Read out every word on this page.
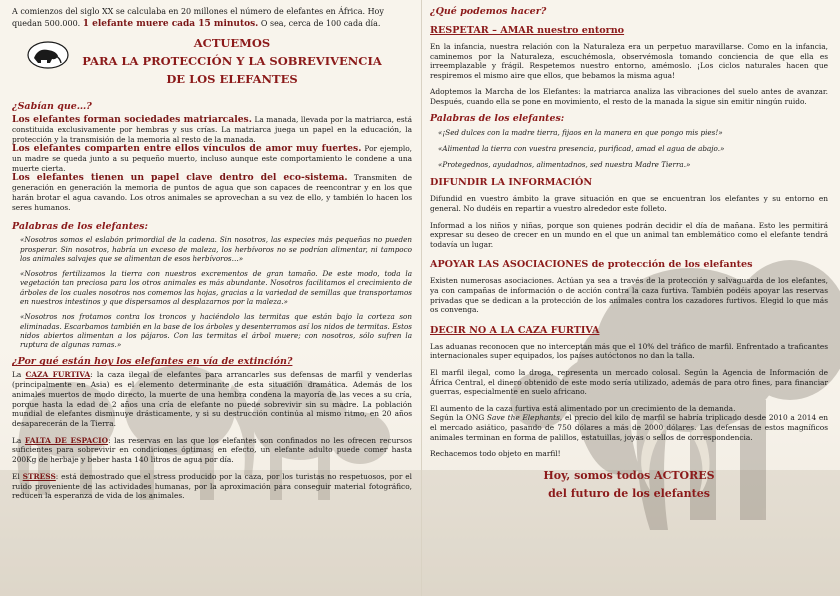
A comienzos del siglo XX se calculaba en 20 millones el número de elefantes en África. Hoy quedan 500.000. 1 elefante muere cada 15 minutos. O sea, cerca de 100 cada día.

ACTUEMOS
PARA LA PROTECCIÓN Y LA SOBREVIVENCIA
DE LOS ELEFANTES
¿Sabían que…?

Los elefantes forman sociedades matriarcales. La manada, llevada por la matriarca, está constituida exclusivamente por hembras y sus crías. La matriarca juega un papel en la educación, la protección y la transmisión de la memoria al resto de la manada.

Los elefantes comparten entre ellos vínculos de amor muy fuertes. Por ejemplo, un madre se queda junto a su pequeño muerto, incluso aunque este comportamiento le condene a una muerte cierta.

Los elefantes tienen un papel clave dentro del eco-sistema. Transmiten de generación en generación la memoria de puntos de agua que son capaces de reencontrar y en los que harán brotar el agua cavando. Los otros animales se aprovechan a su vez de ello, y también lo hacen los seres humanos.

Palabras de los elefantes:

«Nosotros somos el eslabón primordial de la cadena. Sin nosotros, las especies más pequeñas no pueden prosperar. Sin nosotros, habría un exceso de maleza, los herbívoros no se podrían alimentar, ni tampoco los animales salvajes que se alimentan de esos herbívoros…»

«Nosotros fertilizamos la tierra con nuestros excrementos de gran tamaño. De este modo, toda la vegetación tan preciosa para los otros animales es más abundante. Nosotros facilitamos el crecimiento de árboles de los cuales nosotros nos comemos las hojas, gracias a la variedad de semillas que transportamos en nuestros intestinos y que dispersamos al desplazarnos por la maleza.»

«Nosotros nos frotamos contra los troncos y haciéndolo las termitas que están bajo la corteza son eliminadas. Escarbamos también en la base de los árboles y desenterramos así los nidos de termitas. Estos nidos abiertos alimentan a los pájaros. Con las termitas el árbol muere; con nosotros, sólo sufren la ruptura de algunas ramas.»

¿Por qué están hoy los elefantes en vía de extinción?

La CAZA FURTIVA: la caza ilegal de elefantes para arrancarles sus defensas de marfil y venderlas (principalmente en Asia) es el elemento determinante de esta situación dramática. Además de los animales muertos de modo directo, la muerte de una hembra condena la mayoría de las veces a su cría, porque hasta la edad de 2 años una cría de elefante no puede sobrevivir sin su madre. La población mundial de elefantes disminuye drásticamente, y si su destrucción continúa al mismo ritmo, en 20 años desaparecerán de la Tierra.

La FALTA DE ESPACIO: las reservas en las que los elefantes son confinados no les ofrecen recursos suficientes para sobrevivir en condiciones óptimas; en efecto, un elefante adulto puede comer hasta 200Kg de herbaje y beber hasta 140 litros de agua por día.

El STRESS: está demostrado que el stress producido por la caza, por los turistas no respetuosos, por el ruido proveniente de las actividades humanas, por la aproximación para conseguir material fotográfico, reducen la esperanza de vida de los animales.

¿Qué podemos hacer?
RESPETAR – AMAR nuestro entorno

En la infancia, nuestra relación con la Naturaleza era un perpetuo maravillarse. Como en la infancia, caminemos por la Naturaleza, escuchémosla, observémosla tomando conciencia de que ella es irreemplazable y frágil. Respetemos nuestro entorno, amémoslo. ¡Los ciclos naturales hacen que respiremos el mismo aire que ellos, que bebamos la misma agua!

Adoptemos la Marcha de los Elefantes: la matriarca analiza las vibraciones del suelo antes de avanzar. Después, cuando ella se pone en movimiento, el resto de la manada la sigue sin emitir ningún ruido.

Palabras de los elefantes:

«¡Sed dulces con la madre tierra, fijaos en la manera en que pongo mis pies!»

«Alimentad la tierra con vuestra presencia, purificad, amad el agua de abajo.»

«Protegednos, ayudadnos, alimentadnos, sed nuestra Madre Tierra.»

DIFUNDIR LA INFORMACIÓN

Difundid en vuestro ámbito la grave situación en que se encuentran los elefantes y su entorno en general. No dudéis en repartir a vuestro alrededor este folleto.

Informad a los niños y niñas, porque son quienes podrán decidir el día de mañana. Esto les permitirá expresar su deseo de crecer en un mundo en el que un animal tan emblemático como el elefante tendrá todavía un lugar.

APOYAR LAS ASOCIACIONES de protección de los elefantes

Existen numerosas asociaciones. Actúan ya sea a través de la protección y salvaguarda de los elefantes, ya con campañas de información o de acción contra la caza furtiva. También podéis apoyar las reservas privadas que se dedican a la protección de los animales contra los cazadores furtivos. Elegid lo que más os convenga.

DECIR NO A LA CAZA FURTIVA

Las aduanas reconocen que no interceptan más que el 10% del tráfico de marfil. Enfrentado a traficantes internacionales super equipados, los países autóctonos no dan la talla.

El marfil ilegal, como la droga, representa un mercado colosal. Según la Agencia de Información de África Central, el dinero obtenido de este modo sería utilizado, además de para otro fines, para financiar guerras, especialmente en suelo africano.

El aumento de la caza furtiva está alimentado por un crecimiento de la demanda.

Según la ONG Save the Elephants, el precio del kilo de marfil se habría triplicado desde 2010 a 2014 en el mercado asiático, pasando de 750 dólares a más de 2000 dólares. Las defensas de estos magníficos animales terminan en forma de palillos, estatuillas, joyas o sellos de correspondencia.

Rechacemos todo objeto en marfil!

Hoy, somos todos ACTORES
del futuro de los elefantes
